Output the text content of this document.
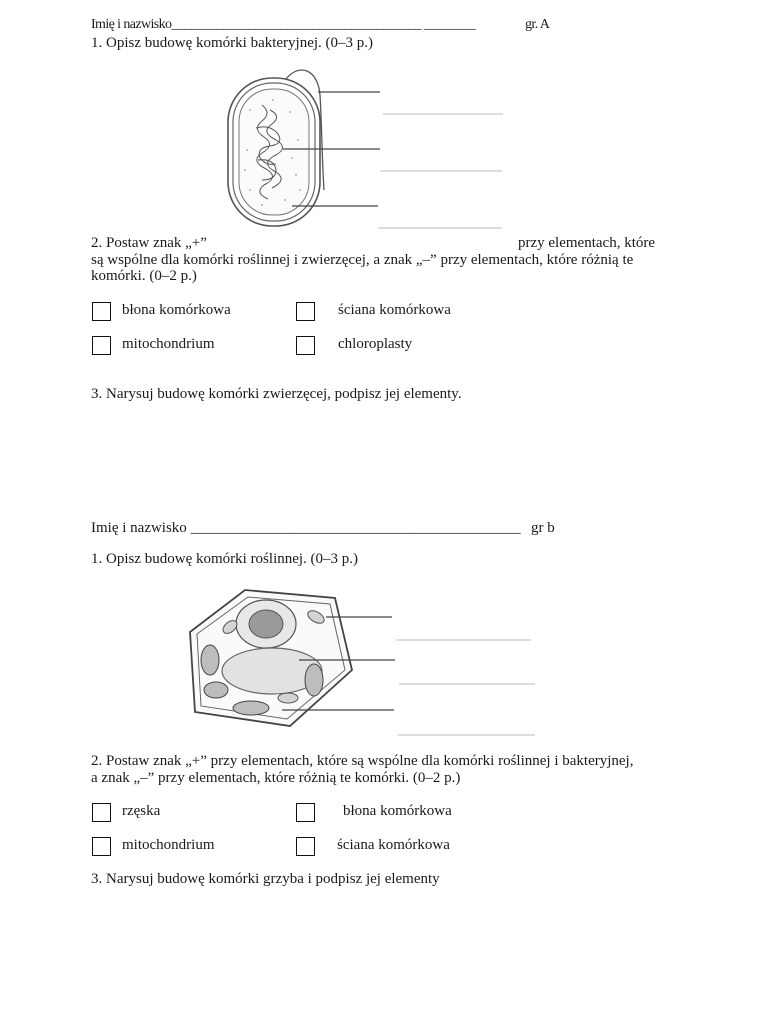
Imię i nazwisko_______________________________________ ________	gr. A
1. Opisz budowę komórki bakteryjnej. (0–3 p.)
2. Postaw znak „+”	przy elementach, które
są wspólne dla komórki roślinnej i zwierzęcej, a znak „–” przy elementach, które różnią te
komórki. (0–2 p.)
błona komórkowa	ściana komórkowa
mitochondrium	chloroplasty
3. Narysuj budowę komórki zwierzęcej, podpisz jej elementy.
Imię i nazwisko ____________________________________________ gr b
1. Opisz budowę komórki roślinnej. (0–3 p.)
2. Postaw znak „+” przy elementach, które są wspólne dla komórki roślinnej i bakteryjnej,
a znak „–” przy elementach, które różnią te komórki. (0–2 p.)
rzęska	błona komórkowa
mitochondrium	ściana komórkowa
3. Narysuj budowę komórki grzyba i podpisz jej elementy
